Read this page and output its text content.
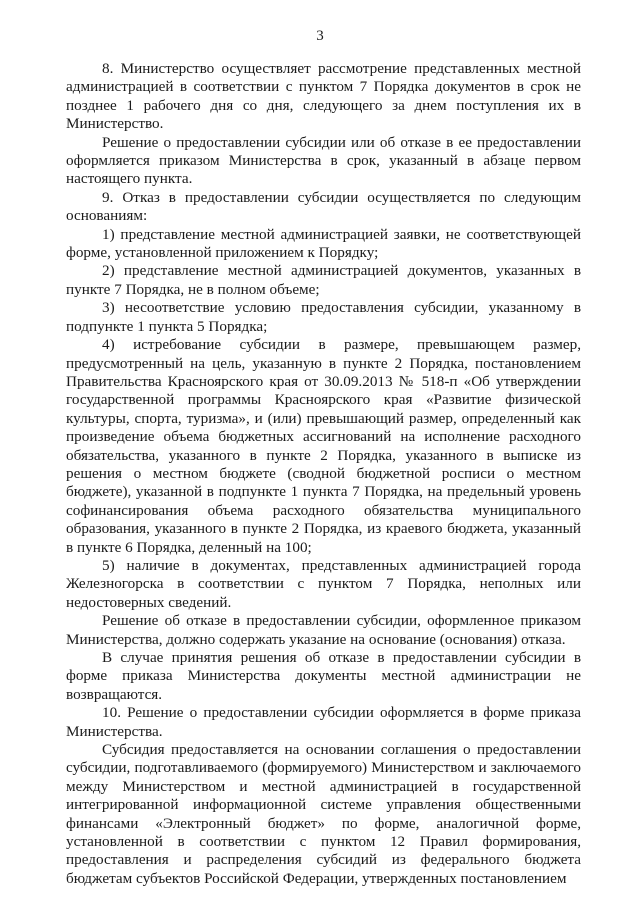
3

8. Министерство осуществляет рассмотрение представленных местной администрацией в соответствии с пунктом 7 Порядка документов в срок не позднее 1 рабочего дня со дня, следующего за днем поступления их в Министерство.

Решение о предоставлении субсидии или об отказе в ее предоставлении оформляется приказом Министерства в срок, указанный в абзаце первом настоящего пункта.

9. Отказ в предоставлении субсидии осуществляется по следующим основаниям:

1) представление местной администрацией заявки, не соответствующей форме, установленной приложением к Порядку;

2) представление местной администрацией документов, указанных в пункте 7 Порядка, не в полном объеме;

3) несоответствие условию предоставления субсидии, указанному в подпункте 1 пункта 5 Порядка;

4) истребование субсидии в размере, превышающем размер, предусмотренный на цель, указанную в пункте 2 Порядка, постановлением Правительства Красноярского края от 30.09.2013 № 518-п «Об утверждении государственной программы Красноярского края «Развитие физической культуры, спорта, туризма», и (или) превышающий размер, определенный как произведение объема бюджетных ассигнований на исполнение расходного обязательства, указанного в пункте 2 Порядка, указанного в выписке из решения о местном бюджете (сводной бюджетной росписи о местном бюджете), указанной в подпункте 1 пункта 7 Порядка, на предельный уровень софинансирования объема расходного обязательства муниципального образования, указанного в пункте 2 Порядка, из краевого бюджета, указанный в пункте 6 Порядка, деленный на 100;

5) наличие в документах, представленных администрацией города Железногорска в соответствии с пунктом 7 Порядка, неполных или недостоверных сведений.

Решение об отказе в предоставлении субсидии, оформленное приказом Министерства, должно содержать указание на основание (основания) отказа.

В случае принятия решения об отказе в предоставлении субсидии в форме приказа Министерства документы местной администрации не возвращаются.

10. Решение о предоставлении субсидии оформляется в форме приказа Министерства.

Субсидия предоставляется на основании соглашения о предоставлении субсидии, подготавливаемого (формируемого) Министерством и заключаемого между Министерством и местной администрацией в государственной интегрированной информационной системе управления общественными финансами «Электронный бюджет» по форме, аналогичной форме, установленной в соответствии с пунктом 12 Правил формирования, предоставления и распределения субсидий из федерального бюджета бюджетам субъектов Российской Федерации, утвержденных постановлением
